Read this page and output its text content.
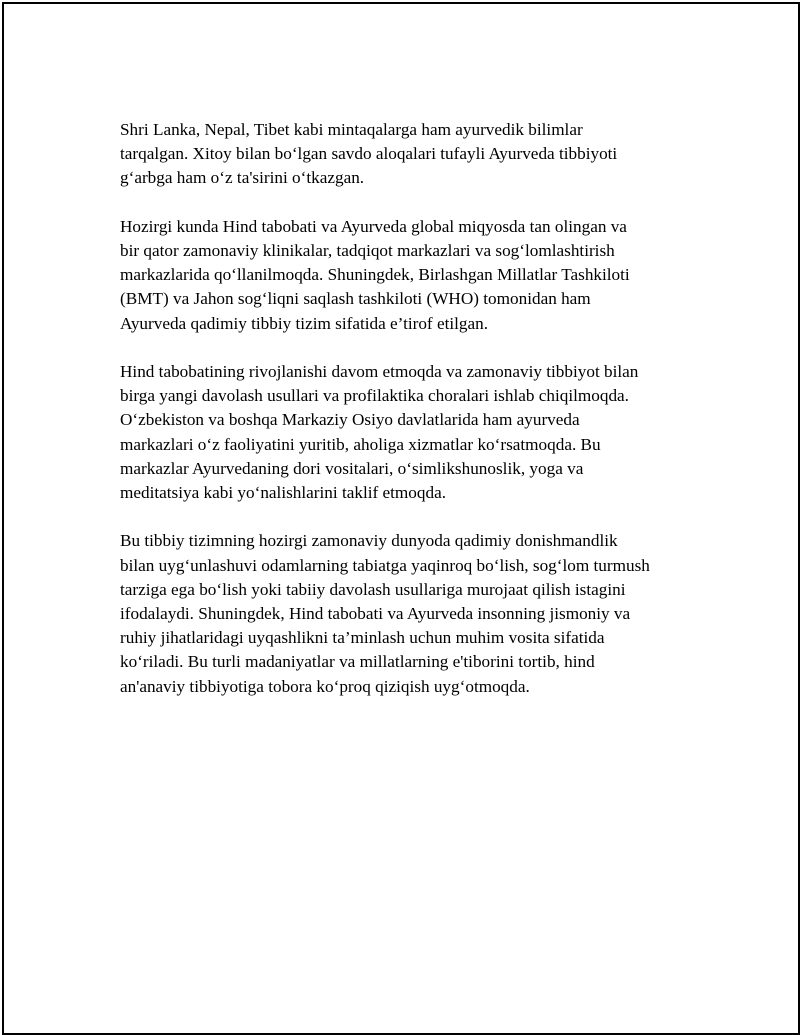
Shri Lanka, Nepal, Tibet kabi mintaqalarga ham ayurvedik bilimlar
tarqalgan. Xitoy bilan bo‘lgan savdo aloqalari tufayli Ayurveda tibbiyoti
g‘arbga ham o‘z ta'sirini o‘tkazgan.

Hozirgi kunda Hind tabobati va Ayurveda global miqyosda tan olingan va
bir qator zamonaviy klinikalar, tadqiqot markazlari va sog‘lomlashtirish
markazlarida qo‘llanilmoqda. Shuningdek, Birlashgan Millatlar Tashkiloti
(BMT) va Jahon sog‘liqni saqlash tashkiloti (WHO) tomonidan ham
Ayurveda qadimiy tibbiy tizim sifatida e’tirof etilgan.

Hind tabobatining rivojlanishi davom etmoqda va zamonaviy tibbiyot bilan
birga yangi davolash usullari va profilaktika choralari ishlab chiqilmoqda.
O‘zbekiston va boshqa Markaziy Osiyo davlatlarida ham ayurveda
markazlari o‘z faoliyatini yuritib, aholiga xizmatlar ko‘rsatmoqda. Bu
markazlar Ayurvedaning dori vositalari, o‘simlikshunoslik, yoga va
meditatsiya kabi yo‘nalishlarini taklif etmoqda.

Bu tibbiy tizimning hozirgi zamonaviy dunyoda qadimiy donishmandlik
bilan uyg‘unlashuvi odamlarning tabiatga yaqinroq bo‘lish, sog‘lom turmush
tarziga ega bo‘lish yoki tabiiy davolash usullariga murojaat qilish istagini
ifodalaydi. Shuningdek, Hind tabobati va Ayurveda insonning jismoniy va
ruhiy jihatlaridagi uyqashlikni ta’minlash uchun muhim vosita sifatida
ko‘riladi. Bu turli madaniyatlar va millatlarning e'tiborini tortib, hind
an'anaviy tibbiyotiga tobora ko‘proq qiziqish uyg‘otmoqda.
